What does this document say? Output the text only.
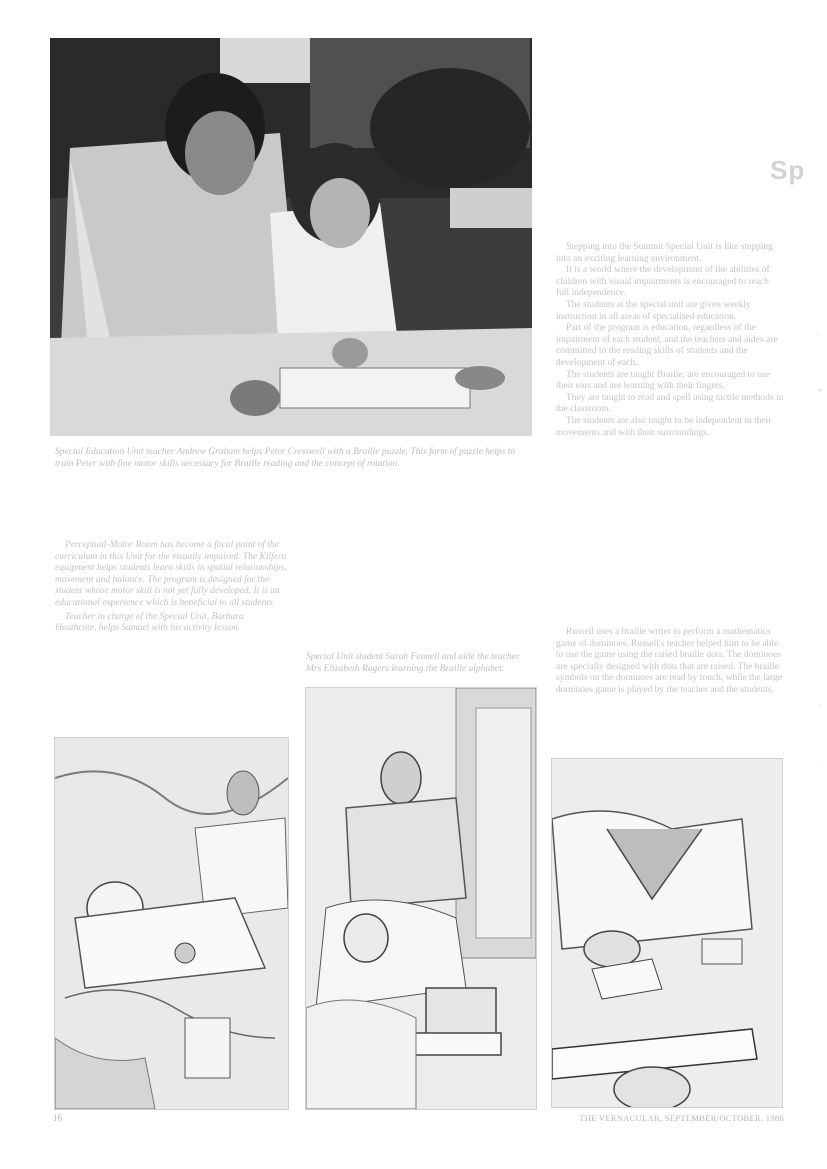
Sp

Special Education Unit teacher Andrew Graham helps Peter Cresswell with a Braille puzzle. This form of puzzle helps to train Peter with fine motor skills necessary for Braille reading and the concept of rotation.

Perceptual-Motor Room has become a focal point of the curriculum in this Unit for the visually impaired. The Kilfera equipment helps students learn skills in spatial relationships, movement and balance. The program is designed for the student whose motor skill is not yet fully developed. It is an educational experience which is beneficial to all students.

Teacher in charge of the Special Unit, Barbara Heathcote, helps Samuel with his activity lesson.

Special Unit student Sarah Fennell and aide the teacher Mrs Elizabeth Rogers learning the Braille alphabet.

Stepping into the Summit Special Unit is like stepping into an exciting learning environment.

It is a world where the development of the abilities of children with visual impairments is encouraged to reach full independence.

The students at the special unit are given weekly instruction in all areas of specialised education.

Part of the program is education, regardless of the impairment of each student, and the teachers and aides are committed to the reading skills of students and the development of each.

The students are taught Braille, are encouraged to use their ears and are learning with their fingers.

They are taught to read and spell using tactile methods in the classroom.

The students are also taught to be independent in their movements and with their surroundings.

Russell uses a braille writer to perform a mathematics game of dominoes. Russell's teacher helped him to be able to use the game using the raised braille dots. The dominoes are specially designed with dots that are raised. The braille symbols on the dominoes are read by touch, while the large dominoes game is played by the teacher and the students.

16	THE VERNACULAR, SEPTEMBER/OCTOBER, 1986
ˎ
°
’
·
